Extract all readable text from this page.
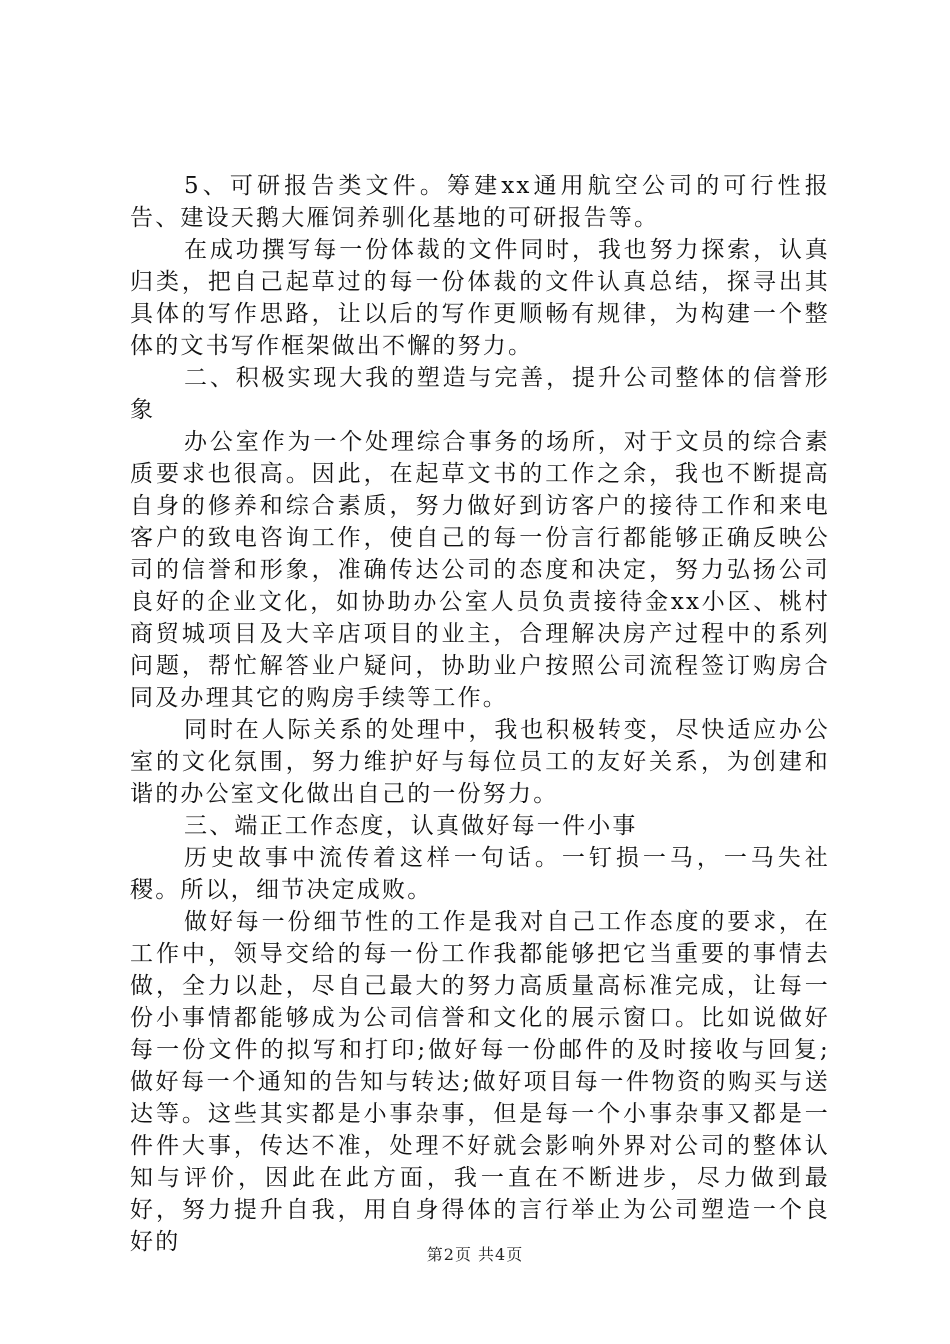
5、可研报告类文件。筹建xx通用航空公司的可行性报告、建设天鹅大雁饲养驯化基地的可研报告等。

在成功撰写每一份体裁的文件同时，我也努力探索，认真归类，把自己起草过的每一份体裁的文件认真总结，探寻出其具体的写作思路，让以后的写作更顺畅有规律，为构建一个整体的文书写作框架做出不懈的努力。

二、积极实现大我的塑造与完善，提升公司整体的信誉形象

办公室作为一个处理综合事务的场所，对于文员的综合素质要求也很高。因此，在起草文书的工作之余，我也不断提高自身的修养和综合素质，努力做好到访客户的接待工作和来电客户的致电咨询工作，使自己的每一份言行都能够正确反映公司的信誉和形象，准确传达公司的态度和决定，努力弘扬公司良好的企业文化，如协助办公室人员负责接待金xx小区、桃村商贸城项目及大辛店项目的业主，合理解决房产过程中的系列问题，帮忙解答业户疑问，协助业户按照公司流程签订购房合同及办理其它的购房手续等工作。

同时在人际关系的处理中，我也积极转变，尽快适应办公室的文化氛围，努力维护好与每位员工的友好关系，为创建和谐的办公室文化做出自己的一份努力。

三、端正工作态度，认真做好每一件小事

历史故事中流传着这样一句话。一钉损一马，一马失社稷。所以，细节决定成败。

做好每一份细节性的工作是我对自己工作态度的要求，在工作中，领导交给的每一份工作我都能够把它当重要的事情去做，全力以赴，尽自己最大的努力高质量高标准完成，让每一份小事情都能够成为公司信誉和文化的展示窗口。比如说做好每一份文件的拟写和打印;做好每一份邮件的及时接收与回复;做好每一个通知的告知与转达;做好项目每一件物资的购买与送达等。这些其实都是小事杂事，但是每一个小事杂事又都是一件件大事，传达不准，处理不好就会影响外界对公司的整体认知与评价，因此在此方面，我一直在不断进步，尽力做到最好，努力提升自我，用自身得体的言行举止为公司塑造一个良好的	第2页 共4页
